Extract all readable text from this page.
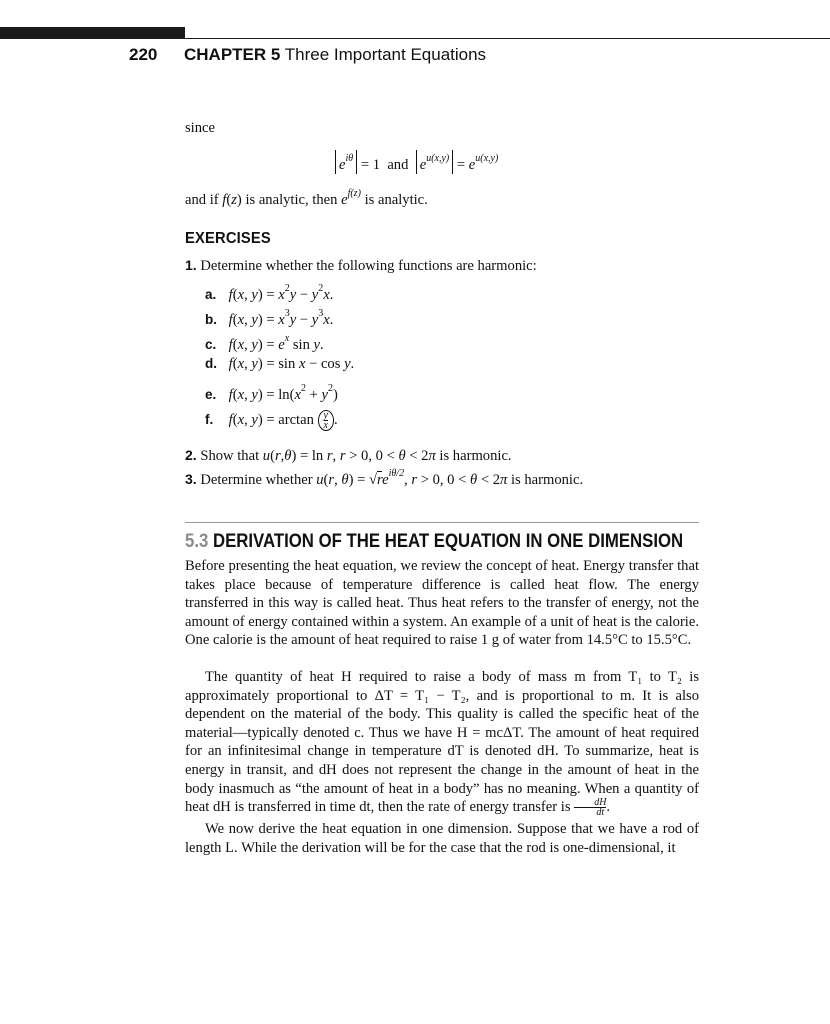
220 CHAPTER 5 Three Important Equations
since
$e^{i\theta} = 1$ and $e^{u(x,y)} = e^{u(x,y)}$
and if f(z) is analytic, then $e^{f(z)}$ is analytic.
EXERCISES
1. Determine whether the following functions are harmonic:
a. f(x, $y) = x^2y - y^2x$.
b. f(x, $y) = x^3y - y^3x$.
c. f(x, $y) = e^x$ sin y.
d. f(x, y) = sin x − cos y.
e. f(x, $y) = \ln(x^2 + y^2)$
f. f(x, $y) = \arctan \frac{y}{x}$ .
2. Show that u(r,θ) = ln r, r > 0, 0 < θ < 2π is harmonic.
3. Determine whether u(r, $\theta) = √re^{i\theta/2}$, r > 0, 0 < θ < 2π is harmonic.
5.3 DERIVATION OF THE HEAT EQUATION IN ONE DIMENSION

Before presenting the heat equation, we review the concept of heat. Energy transfer that takes place because of temperature difference is called heat flow. The energy transferred in this way is called heat. Thus heat refers to the transfer of energy, not the amount of energy contained within a system. An example of a unit of heat is the calorie. One calorie is the amount of heat required to raise 1 g of water from 14.5°C to 15.5°C.

The quantity of heat H required to raise a body of mass m from T₁ to T₂ is approximately proportional to ΔT = T₁ − T₂, and is proportional to m. It is also dependent on the material of the body. This quality is called the specific heat of the material—typically denoted c. Thus we have H = mcΔT. The amount of heat required for an infinitesimal change in temperature dT is denoted dH. To summarize, heat is energy in transit, and dH does not represent the change in the amount of heat in the body inasmuch as “the amount of heat in a body” has no meaning. When a quantity of heat dH is transferred in time dt, then the rate of energy transfer is $\frac{dH}{dt}$ .

We now derive the heat equation in one dimension. Suppose that we have a rod of length L. While the derivation will be for the case that the rod is one-dimensional, it
